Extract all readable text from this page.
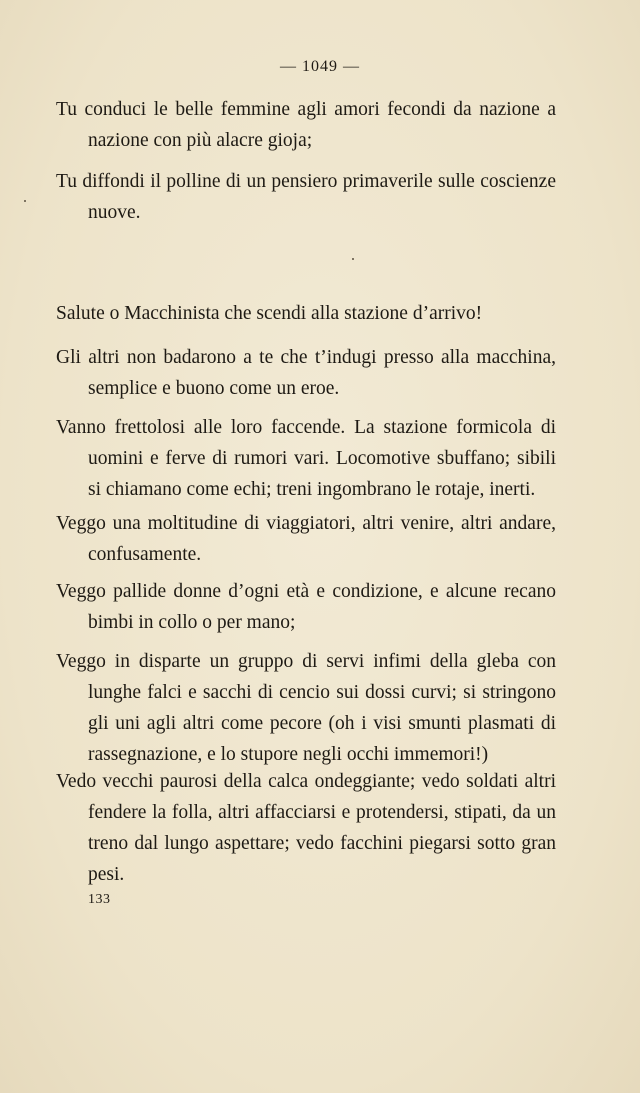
— 1049 —

Tu conduci le belle femmine agli amori fecondi da nazione a nazione con più alacre gioja;

Tu diffondi il polline di un pensiero primaverile sulle coscienze nuove.

Salute o Macchinista che scendi alla stazione d’arrivo!

Gli altri non badarono a te che t’indugi presso alla macchina, semplice e buono come un eroe.

Vanno frettolosi alle loro faccende. La stazione formicola di uomini e ferve di rumori vari. Locomotive sbuffano; sibili si chiamano come echi; treni ingombrano le rotaje, inerti.

Veggo una moltitudine di viaggiatori, altri venire, altri andare, confusamente.

Veggo pallide donne d’ogni età e condizione, e alcune recano bimbi in collo o per mano;

Veggo in disparte un gruppo di servi infimi della gleba con lunghe falci e sacchi di cencio sui dossi curvi; si stringono gli uni agli altri come pecore (oh i visi smunti plasmati di rassegnazione, e lo stupore negli occhi immemori!)

Vedo vecchi paurosi della calca ondeggiante; vedo soldati altri fendere la folla, altri affacciarsi e protendersi, stipati, da un treno dal lungo aspettare; vedo facchini piegarsi sotto gran pesi.

133
